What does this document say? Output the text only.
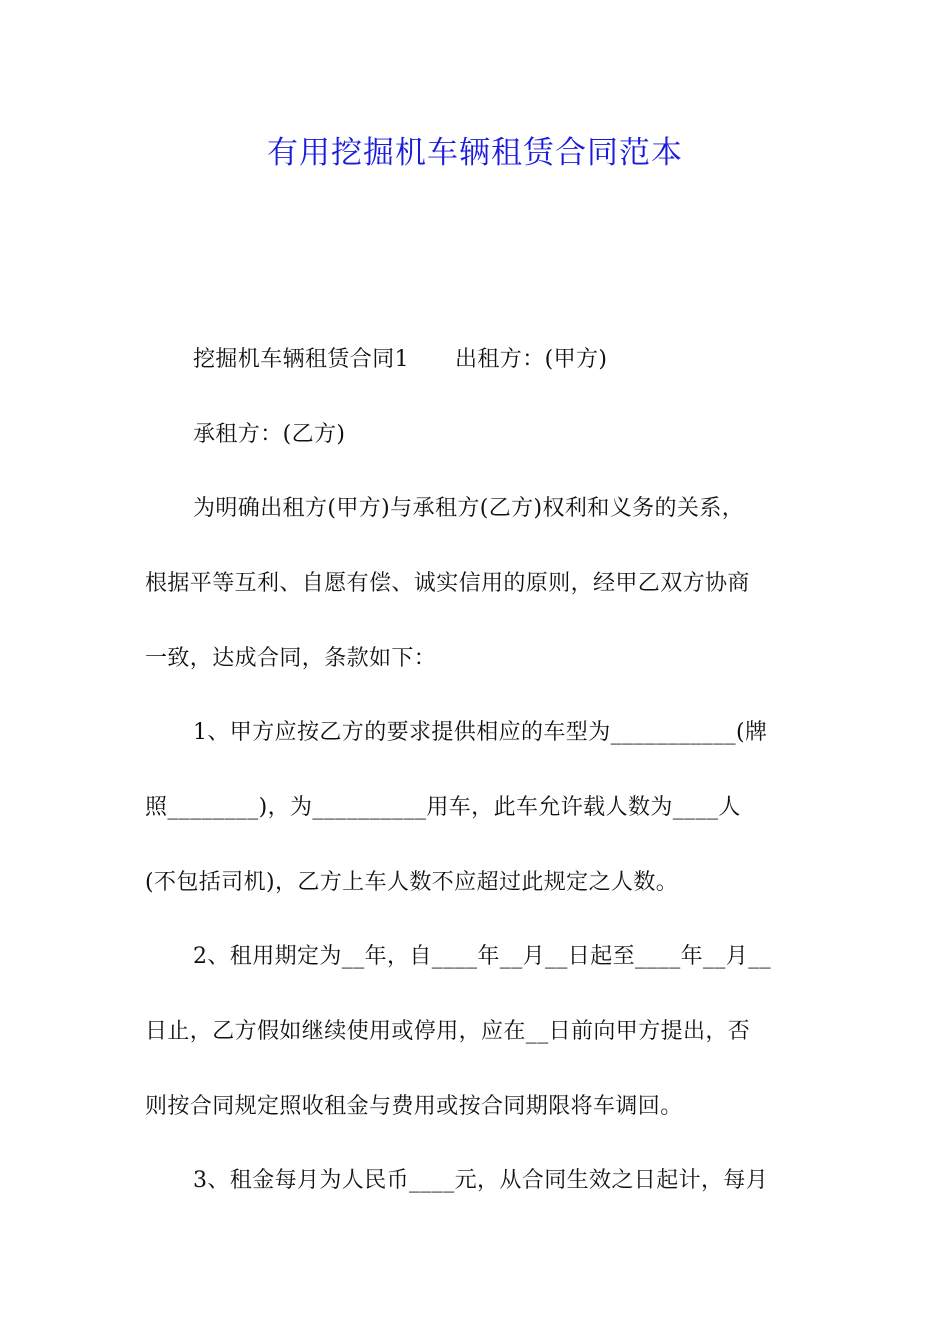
有用挖掘机车辆租赁合同范本
挖掘机车辆租赁合同1 出租方：(甲方)
承租方：(乙方)
为明确出租方(甲方)与承租方(乙方)权利和义务的关系，
根据平等互利、自愿有偿、诚实信用的原则，经甲乙双方协商
一致，达成合同，条款如下：
1、甲方应按乙方的要求提供相应的车型为___________(牌
照________)，为__________用车，此车允许载人数为____人
(不包括司机)，乙方上车人数不应超过此规定之人数。
2、租用期定为__年，自____年__月__日起至____年__月__
日止，乙方假如继续使用或停用，应在__日前向甲方提出，否
则按合同规定照收租金与费用或按合同期限将车调回。
3、租金每月为人民币____元，从合同生效之日起计，每月
